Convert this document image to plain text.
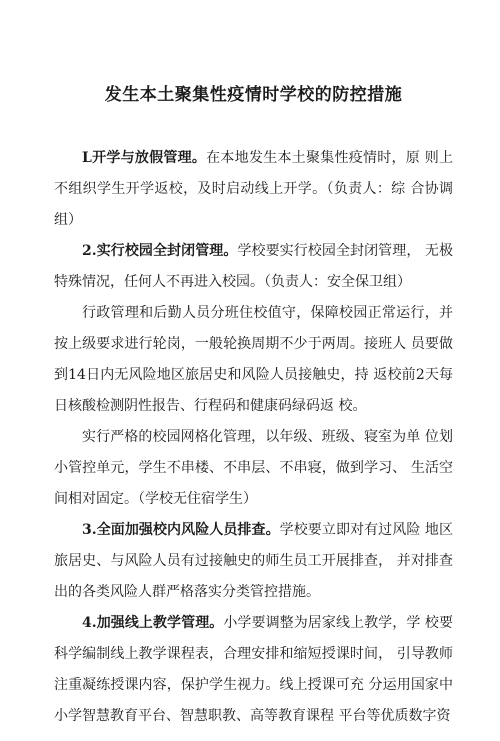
发生本土聚集性疫情时学校的防控措施

L开学与放假管理。在本地发生本土聚集性疫情时，原 则上不组织学生开学返校，及时启动线上开学。（负责人：综 合协调组）

2.实行校园全封闭管理。学校要实行校园全封闭管理， 无极特殊情况，任何人不再进入校园。（负责人：安全保卫组）

行政管理和后勤人员分班住校值守，保障校园正常运行，并按上级要求进行轮岗，一般轮换周期不少于两周。接班人 员要做到14日内无风险地区旅居史和风险人员接触史，持 返校前2天每日核酸检测阴性报告、行程码和健康码绿码返 校。

实行严格的校园网格化管理，以年级、班级、寝室为单 位划小管控单元，学生不串楼、不串层、不串寝，做到学习、 生活空间相对固定。（学校无住宿学生）

3.全面加强校内风险人员排查。学校要立即对有过风险 地区旅居史、与风险人员有过接触史的师生员工开展排查， 并对排查出的各类风险人群严格落实分类管控措施。

4.加强线上教学管理。小学要调整为居家线上教学，学 校要科学编制线上教学课程表，合理安排和缩短授课时间， 引导教师注重凝练授课内容，保护学生视力。线上授课可充 分运用国家中小学智慧教育平台、智慧职教、高等教育课程 平台等优质数字资
